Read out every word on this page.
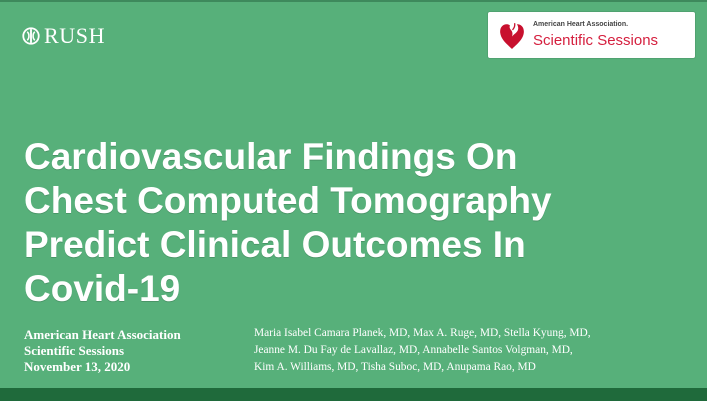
RUSH	American Heart Association.
Scientific Sessions
Cardiovascular Findings On
Chest Computed Tomography
Predict Clinical Outcomes In
Covid-19
American Heart Association
Scientific Sessions
November 13, 2020
Maria Isabel Camara Planek, MD, Max A. Ruge, MD, Stella Kyung, MD,
Jeanne M. Du Fay de Lavallaz, MD, Annabelle Santos Volgman, MD,
Kim A. Williams, MD, Tisha Suboc, MD, Anupama Rao, MD
